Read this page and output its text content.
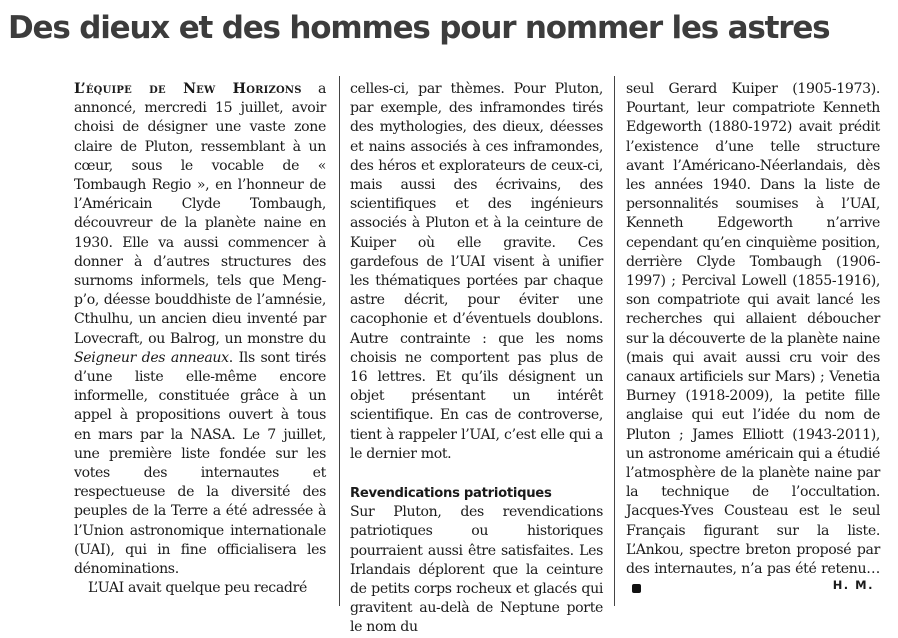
Des dieux et des hommes pour nommer les astres

L’équipe de New Horizons a annoncé, mercredi 15 juillet, avoir choisi de désigner une vaste zone claire de Pluton, ressemblant à un cœur, sous le vocable de « Tombaugh Regio », en l’honneur de l’Américain Clyde Tombaugh, découvreur de la planète naine en 1930. Elle va aussi commencer à donner à d’autres structures des surnoms informels, tels que Meng-p’o, déesse bouddhiste de l’amnésie, Cthulhu, un ancien dieu inventé par Lovecraft, ou Balrog, un monstre du Seigneur des anneaux. Ils sont tirés d’une liste elle-même encore informelle, constituée grâce à un appel à propositions ouvert à tous en mars par la NASA. Le 7 juillet, une première liste fondée sur les votes des internautes et respectueuse de la diversité des peuples de la Terre a été adressée à l’Union astronomique internationale (UAI), qui in fine officialisera les dénominations.

L’UAI avait quelque peu recadré

celles-ci, par thèmes. Pour Pluton, par exemple, des inframondes tirés des mythologies, des dieux, déesses et nains associés à ces inframondes, des héros et explorateurs de ceux-ci, mais aussi des écrivains, des scientifiques et des ingénieurs associés à Pluton et à la ceinture de Kuiper où elle gravite. Ces gardefous de l’UAI visent à unifier les thématiques portées par chaque astre décrit, pour éviter une cacophonie et d’éventuels doublons. Autre contrainte : que les noms choisis ne comportent pas plus de 16 lettres. Et qu’ils désignent un objet présentant un intérêt scientifique. En cas de controverse, tient à rappeler l’UAI, c’est elle qui a le dernier mot.

Revendications patriotiques

Sur Pluton, des revendications patriotiques ou historiques pourraient aussi être satisfaites. Les Irlandais déplorent que la ceinture de petits corps rocheux et glacés qui gravitent au-delà de Neptune porte le nom du

seul Gerard Kuiper (1905-1973). Pourtant, leur compatriote Kenneth Edgeworth (1880-1972) avait prédit l’existence d’une telle structure avant l’Américano-Néerlandais, dès les années 1940. Dans la liste de personnalités soumises à l’UAI, Kenneth Edgeworth n’arrive cependant qu’en cinquième position, derrière Clyde Tombaugh (1906-1997) ; Percival Lowell (1855-1916), son compatriote qui avait lancé les recherches qui allaient déboucher sur la découverte de la planète naine (mais qui avait aussi cru voir des canaux artificiels sur Mars) ; Venetia Burney (1918-2009), la petite fille anglaise qui eut l’idée du nom de Pluton ; James Elliott (1943-2011), un astronome américain qui a étudié l’atmosphère de la planète naine par la technique de l’occultation. Jacques-Yves Cousteau est le seul Français figurant sur la liste. L’Ankou, spectre breton proposé par des internautes, n’a pas été retenu…

H. M.
